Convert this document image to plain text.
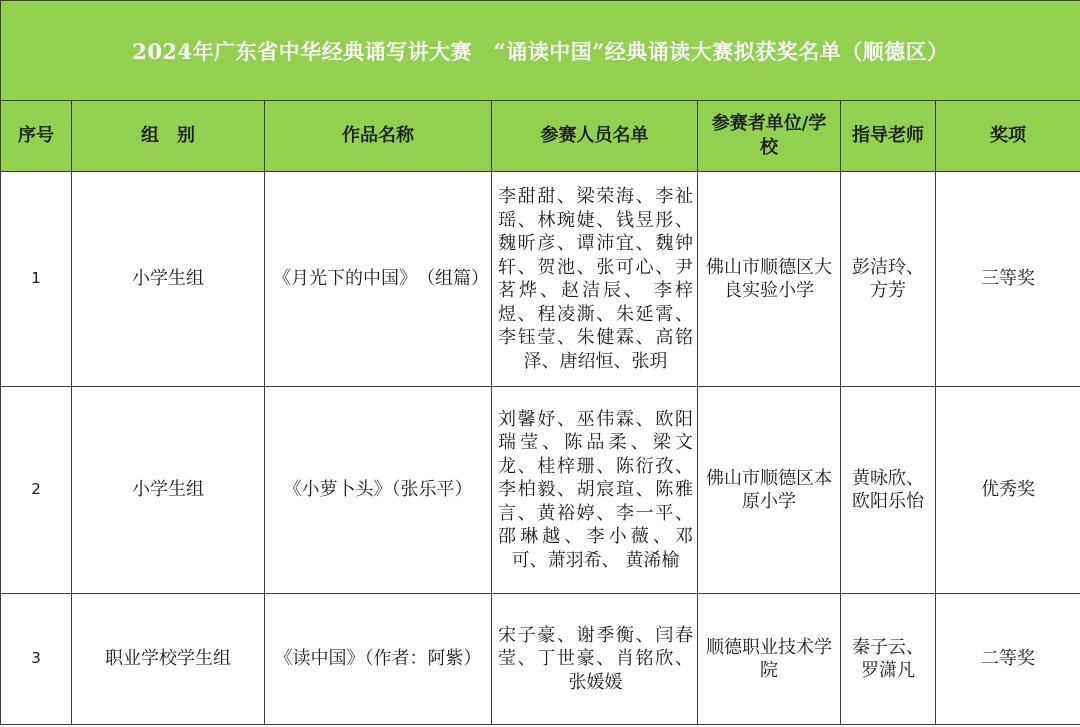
2024年广东省中华经典诵写讲大赛　“诵读中国”经典诵读大赛拟获奖名单（顺德区）						
序号	组　别	作品名称	参赛人员名单	参赛者单位/学校	指导老师	奖项
1	小学生组	《月光下的中国》　（组篇）	李甜甜、梁荣海、李祉瑶、林琬婕、钱昱彤、魏昕彦、谭沛宜、魏钟轩、贺池、张可心、尹茗烨、赵洁辰、 李梓煜、程凌澌、朱延霄、李钰莹、朱健霖、高铭泽、唐绍恒、张玥	佛山市顺德区大良实验小学	彭洁玲、方芳	三等奖
2	小学生组	《小萝卜头》（张乐平）	刘馨妤、巫伟霖、欧阳瑞莹、陈品柔、梁文龙、桂梓珊、陈衍孜、李柏毅、胡宸瑄、陈雅言、黄裕婷、李一平、邵琳越、李小薇、邓可、萧羽希、 黄浠榆	佛山市顺德区本原小学	黄咏欣、欧阳乐怡	优秀奖
3	职业学校学生组	《读中国》（作者：阿紫）	宋子豪、谢季衡、闫春莹、丁世豪、肖铭欣、张媛媛	顺德职业技术学院	秦子云、罗潇凡	二等奖
